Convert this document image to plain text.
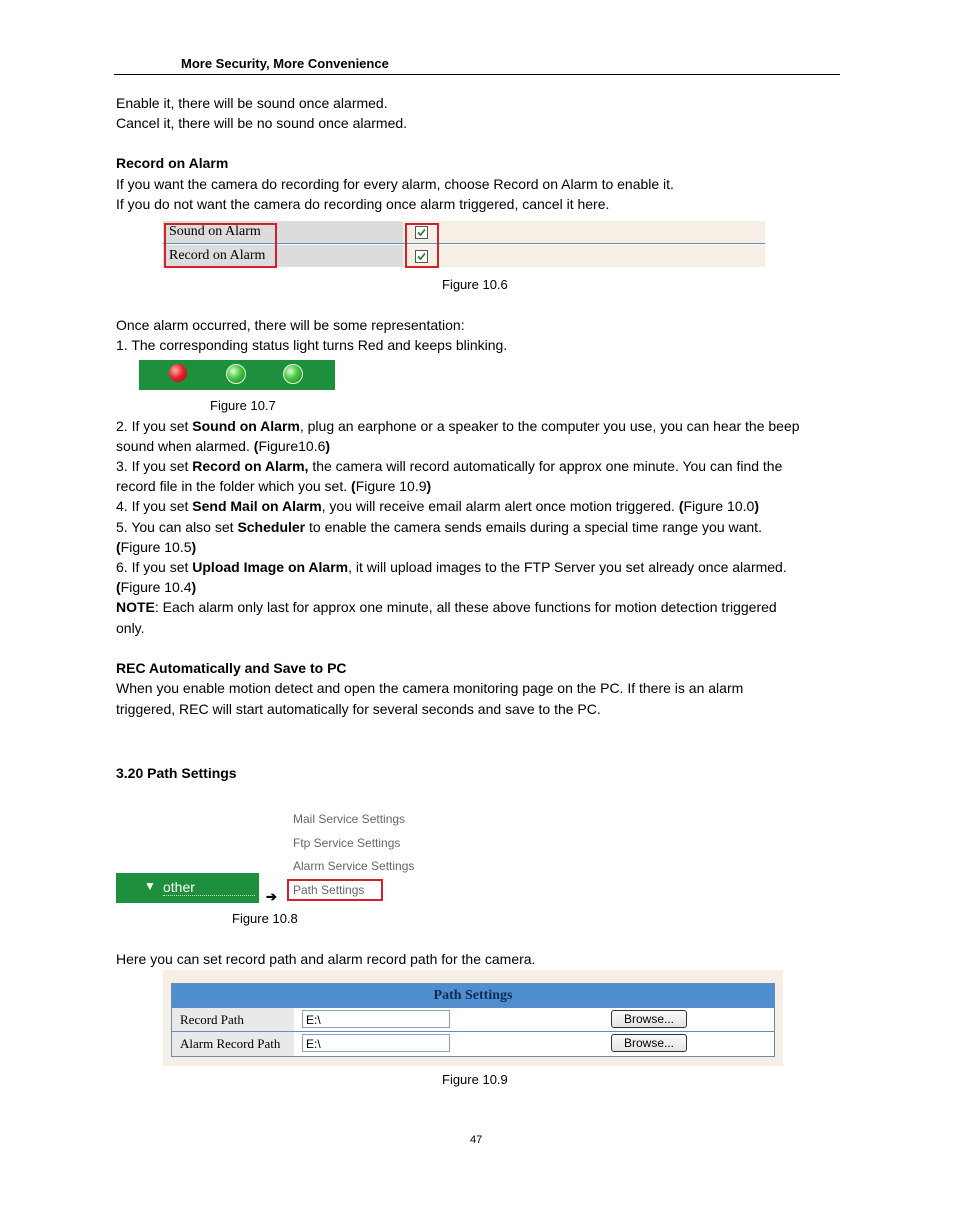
More Security, More Convenience
Enable it, there will be sound once alarmed.
Cancel it, there will be no sound once alarmed.
Record on Alarm
If you want the camera do recording for every alarm, choose Record on Alarm to enable it.
If you do not want the camera do recording once alarm triggered, cancel it here.
Sound on Alarm
Record on Alarm
Figure 10.6
Once alarm occurred, there will be some representation:
1. The corresponding status light turns Red and keeps blinking.
Figure 10.7
2. If you set Sound on Alarm, plug an earphone or a speaker to the computer you use, you can hear the beep
sound when alarmed. (Figure10.6)
3. If you set Record on Alarm, the camera will record automatically for approx one minute. You can find the
record file in the folder which you set. (Figure 10.9)
4. If you set Send Mail on Alarm, you will receive email alarm alert once motion triggered. (Figure 10.0)
5. You can also set Scheduler to enable the camera sends emails during a special time range you want.
(Figure 10.5)
6. If you set Upload Image on Alarm, it will upload images to the FTP Server you set already once alarmed.
(Figure 10.4)
NOTE: Each alarm only last for approx one minute, all these above functions for motion detection triggered
only.
REC Automatically and Save to PC
When you enable motion detect and open the camera monitoring page on the PC. If there is an alarm
triggered, REC will start automatically for several seconds and save to the PC.
3.20 Path Settings
Mail Service Settings
Ftp Service Settings
Alarm Service Settings
Path Settings
▼ other
➔
Figure 10.8
Here you can set record path and alarm record path for the camera.
Path Settings
Record Path	E:\	Browse...
Alarm Record Path	E:\	Browse...
Figure 10.9
47
